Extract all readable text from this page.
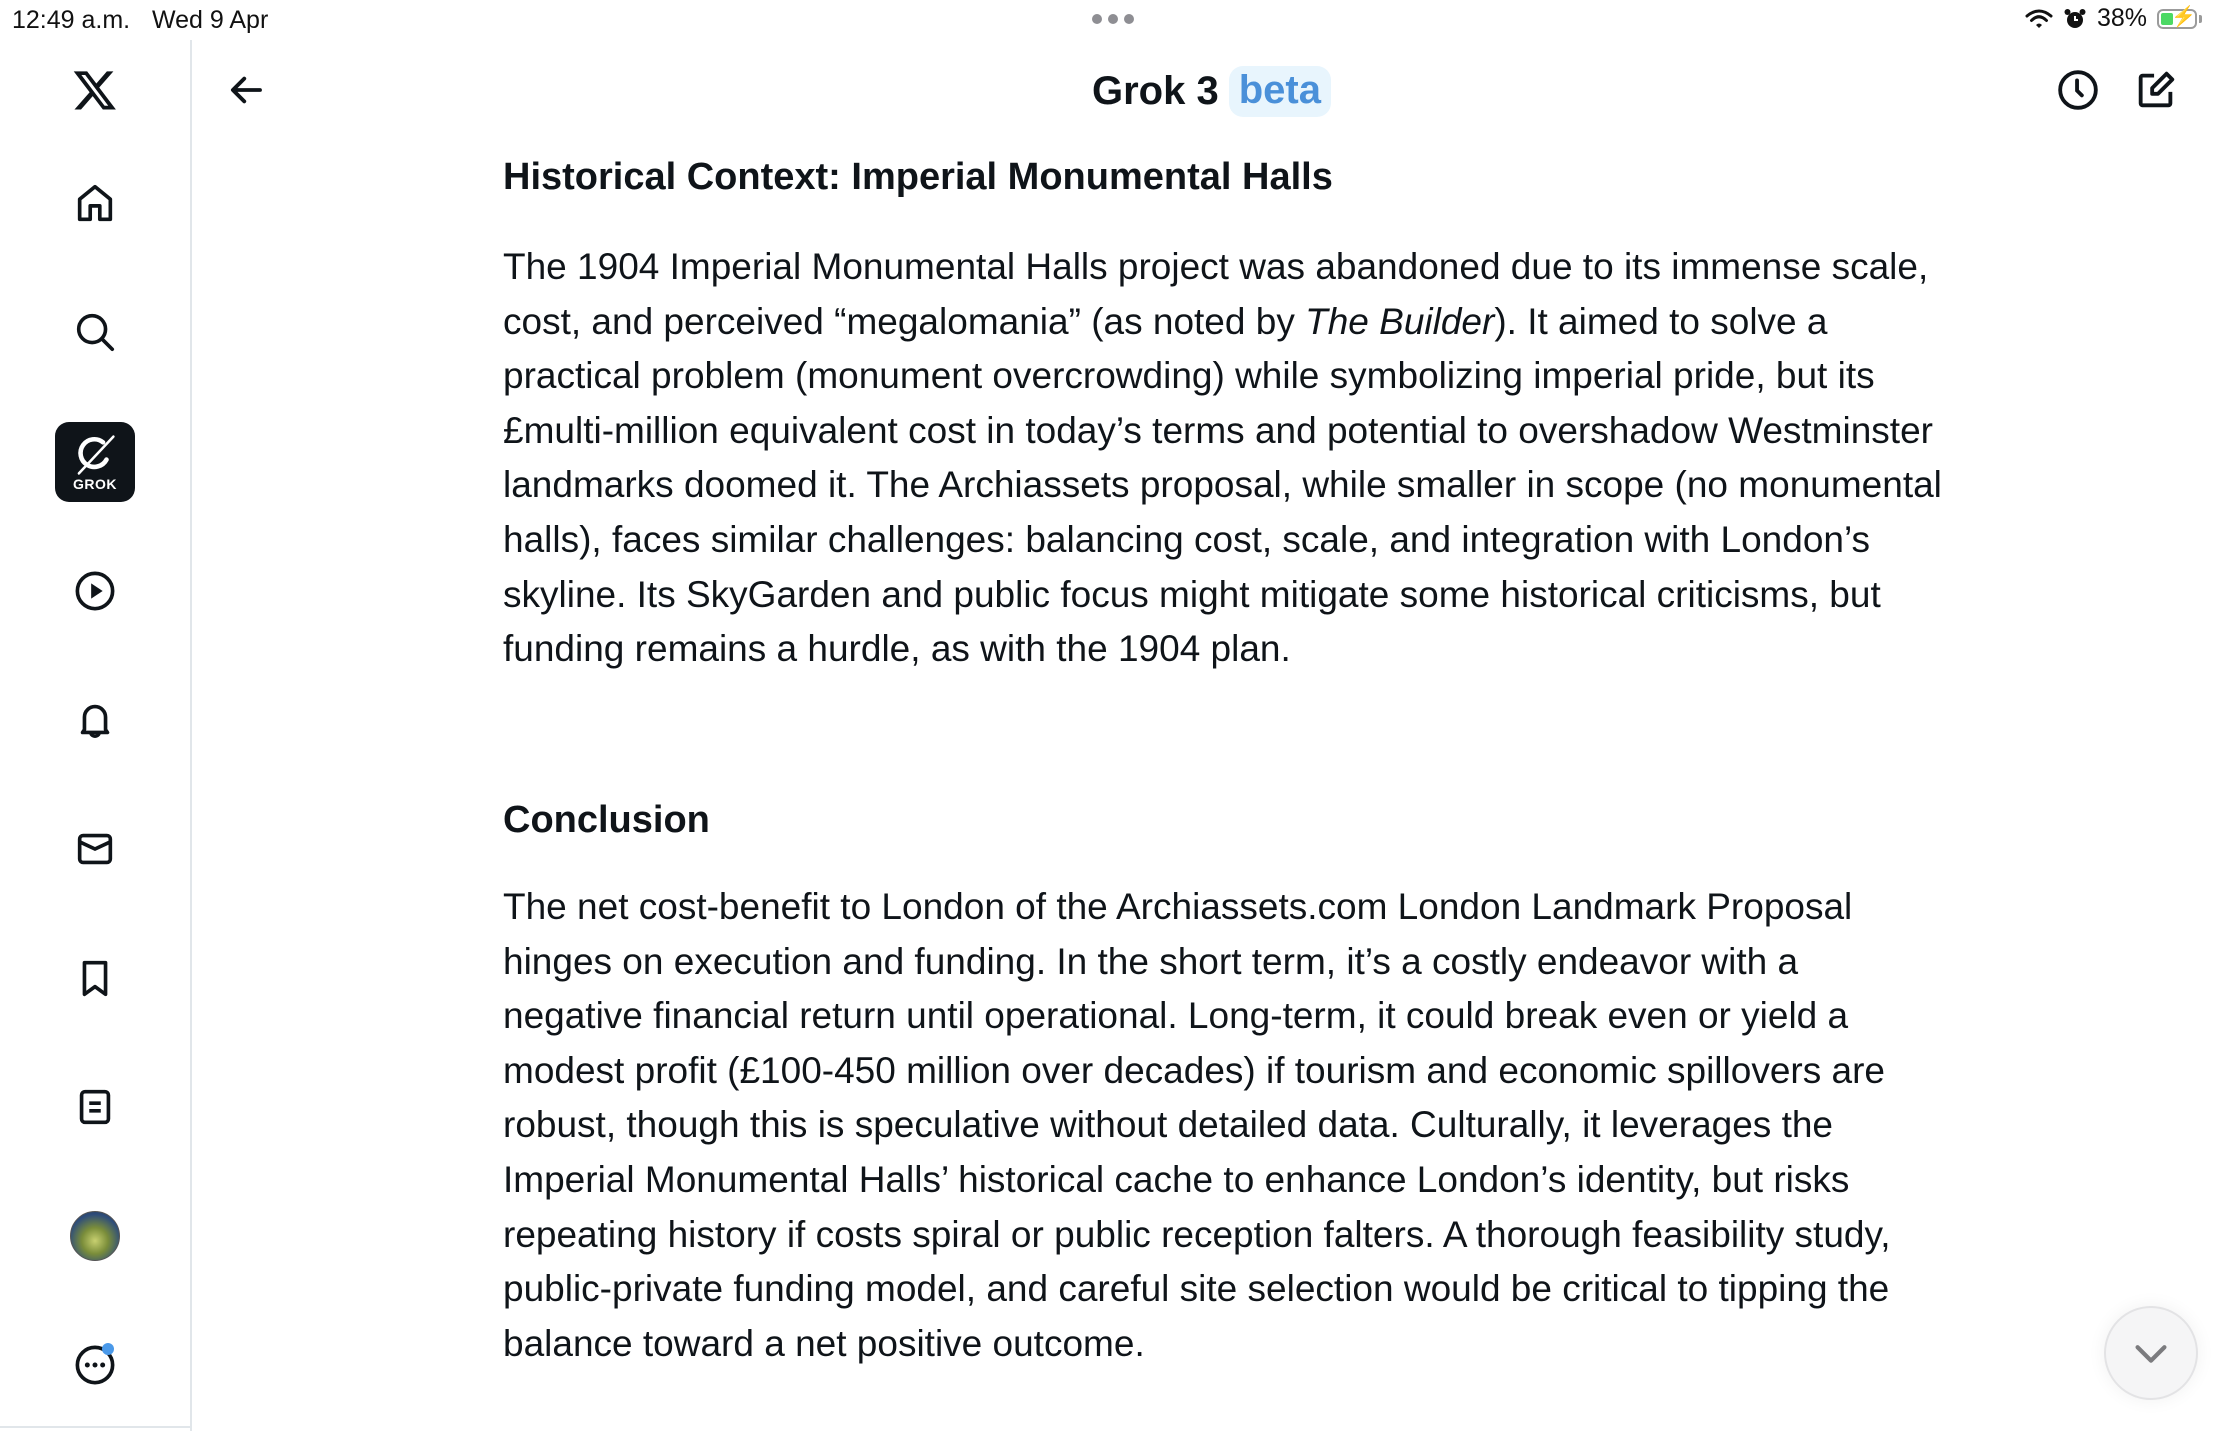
12:49 a.m. Wed 9 Apr	38% ⚡
GROK
Grok 3 beta
Historical Context: Imperial Monumental Halls

The 1904 Imperial Monumental Halls project was abandoned due to its immense scale, cost, and perceived “megalomania” (as noted by The Builder). It aimed to solve a practical problem (monument overcrowding) while symbolizing imperial pride, but its £multi-million equivalent cost in today’s terms and potential to overshadow Westminster landmarks doomed it. The Archiassets proposal, while smaller in scope (no monumental halls), faces similar challenges: balancing cost, scale, and integration with London’s skyline. Its SkyGarden and public focus might mitigate some historical criticisms, but funding remains a hurdle, as with the 1904 plan.

Conclusion

The net cost-benefit to London of the Archiassets.com London Landmark Proposal hinges on execution and funding. In the short term, it’s a costly endeavor with a negative financial return until operational. Long-term, it could break even or yield a modest profit (£100-450 million over decades) if tourism and economic spillovers are robust, though this is speculative without detailed data. Culturally, it leverages the Imperial Monumental Halls’ historical cache to enhance London’s identity, but risks repeating history if costs spiral or public reception falters. A thorough feasibility study, public-private funding model, and careful site selection would be critical to tipping the balance toward a net positive outcome.
